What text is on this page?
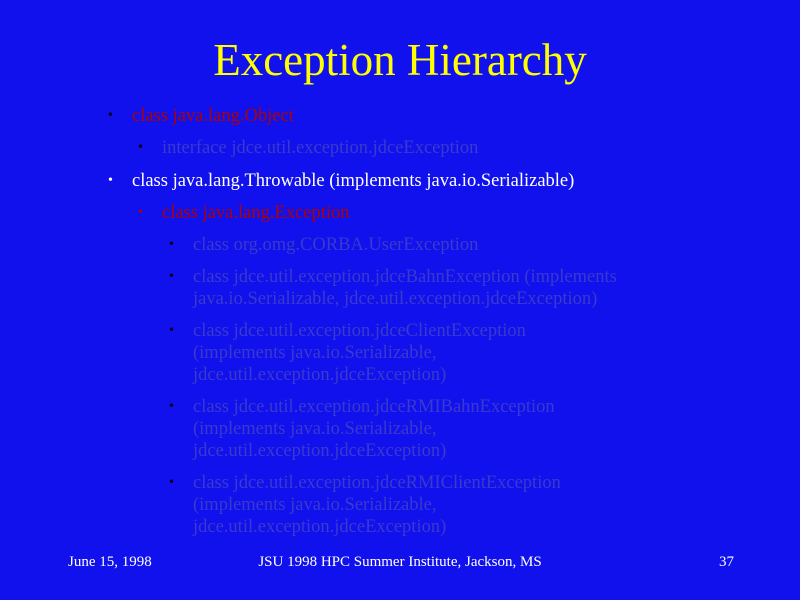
Exception Hierarchy
• class java.lang.Object
• interface jdce.util.exception.jdceException
• class java.lang.Throwable (implements java.io.Serializable)
• class java.lang.Exception
• class org.omg.CORBA.UserException
• class jdce.util.exception.jdceBahnException (implements
java.io.Serializable, jdce.util.exception.jdceException)
• class jdce.util.exception.jdceClientException
(implements java.io.Serializable,
jdce.util.exception.jdceException)
• class jdce.util.exception.jdceRMIBahnException
(implements java.io.Serializable,
jdce.util.exception.jdceException)
• class jdce.util.exception.jdceRMIClientException
(implements java.io.Serializable,
jdce.util.exception.jdceException)
June 15, 1998	JSU 1998 HPC Summer Institute, Jackson, MS	37
